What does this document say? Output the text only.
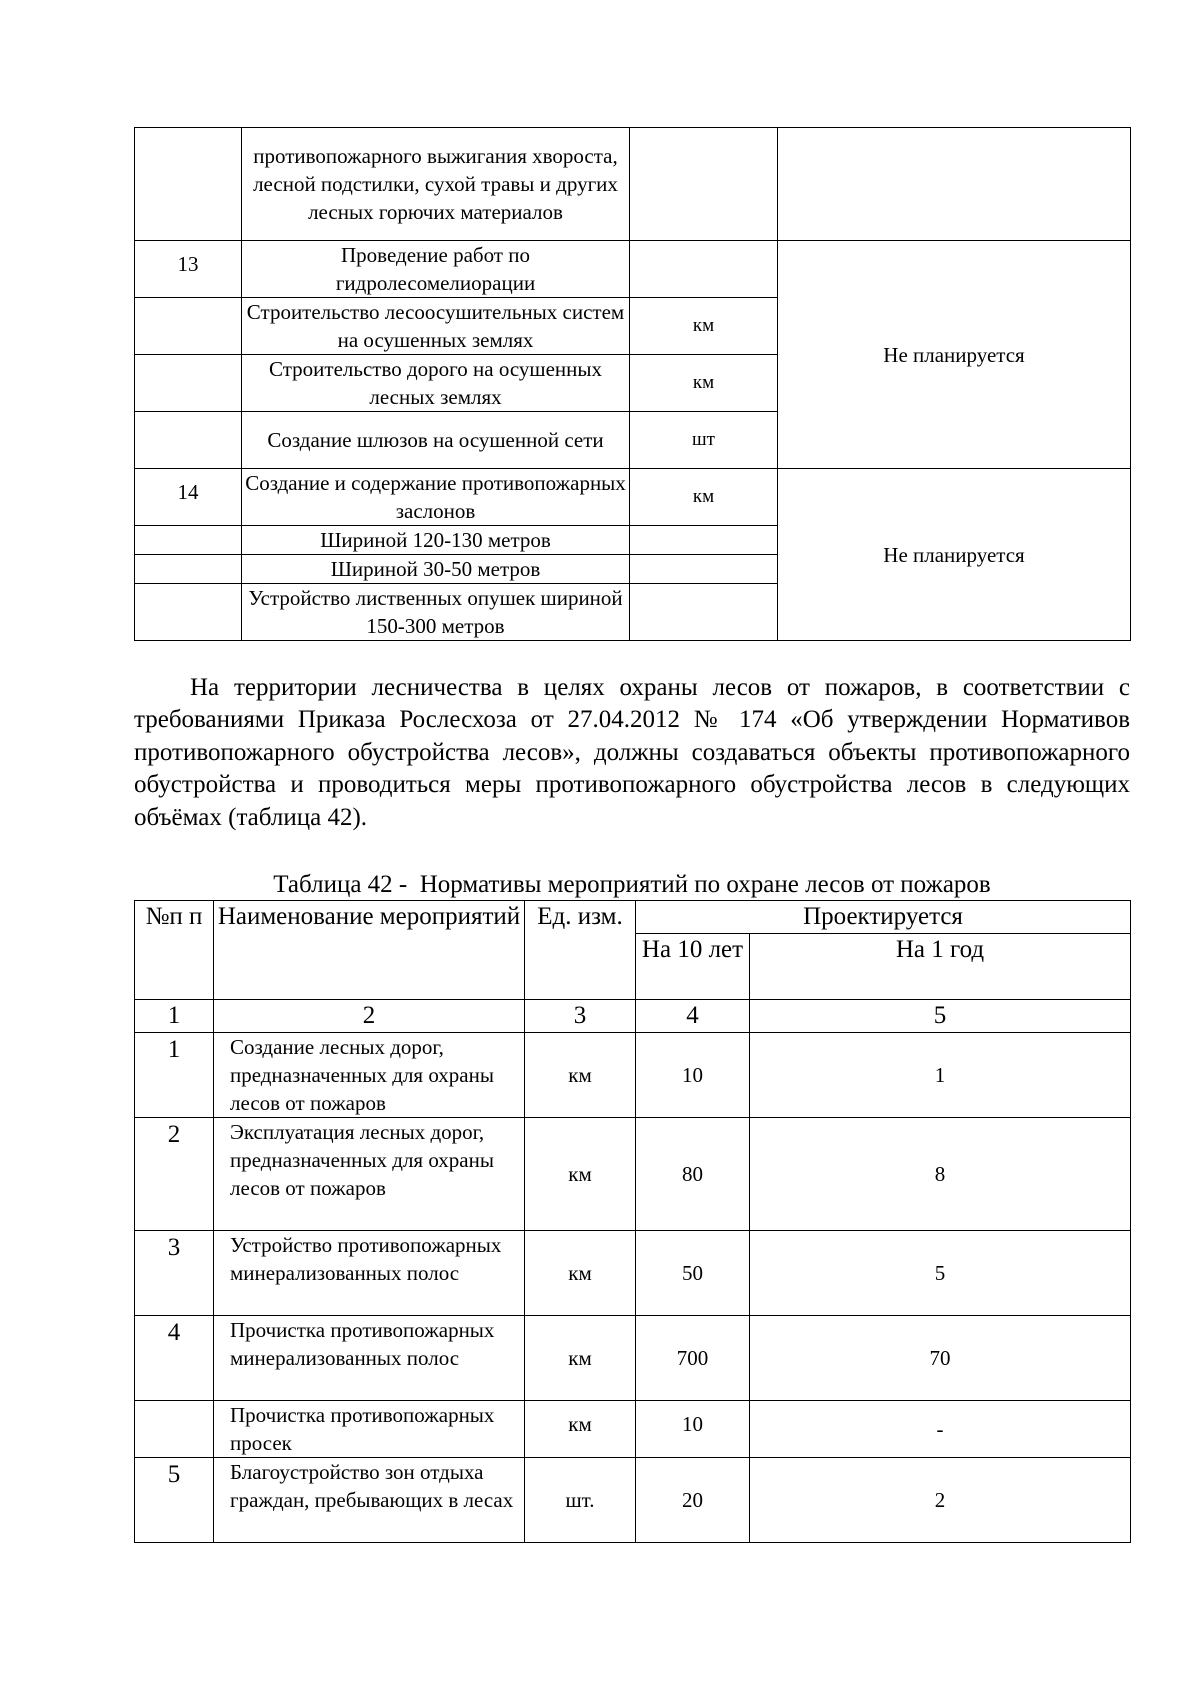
	противопожарного выжигания хвороста, лесной подстилки, сухой травы и других лесных горючих материалов		
13	Проведение работ по гидролесомелиорации		Не планируется
	Строительство лесоосушительных систем на осушенных землях	км	
	Строительство дорого на осушенных лесных землях	км	
	Создание шлюзов на осушенной сети	шт	
14	Создание и содержание противопожарных заслонов	км	Не планируется
	Шириной 120-130 метров		
	Шириной 30-50 метров		
	Устройство лиственных опушек шириной 150-300 метров		

На территории лесничества в целях охраны лесов от пожаров, в соответствии с требованиями Приказа Рослесхоза от 27.04.2012 № 174 «Об утверждении Нормативов противопожарного обустройства лесов», должны создаваться объекты противопожарного обустройства и проводиться меры противопожарного обустройства лесов в следующих объёмах (таблица 42).

Таблица 42 -  Нормативы мероприятий по охране лесов от пожаров
№п п	Наименование мероприятий	Ед. изм.	Проектируется	
			На 10 лет	На 1 год
1	2	3	4	5
1	Создание лесных дорог, предназначенных для охраны лесов от пожаров	км	10	1
2	Эксплуатация лесных дорог, предназначенных для охраны лесов от пожаров	км	80	8
3	Устройство противопожарных минерализованных полос	км	50	5
4	Прочистка противопожарных минерализованных полос	км	700	70
	Прочистка противопожарных просек	км	10	-
5	Благоустройство зон отдыха граждан, пребывающих в лесах	шт.	20	2
